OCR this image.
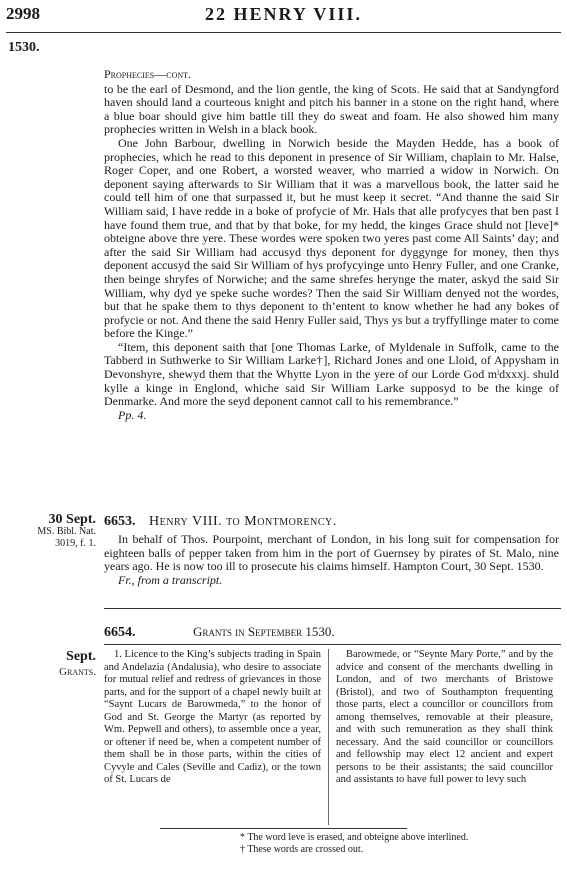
2998	22 HENRY VIII.
1530.
Prophecies—cont.

to be the earl of Desmond, and the lion gentle, the king of Scots. He said that at Sandyngford haven should land a courteous knight and pitch his banner in a stone on the right hand, where a blue boar should give him battle till they do sweat and foam. He also showed him many prophecies written in Welsh in a black book.

One John Barbour, dwelling in Norwich beside the Mayden Hedde, has a book of prophecies, which he read to this deponent in presence of Sir William, chaplain to Mr. Halse, Roger Coper, and one Robert, a worsted weaver, who married a widow in Norwich. On deponent saying afterwards to Sir William that it was a marvellous book, the latter said he could tell him of one that surpassed it, but he must keep it secret. “And thanne the said Sir William said, I have redde in a boke of profycie of Mr. Hals that alle profycyes that ben past I have found them true, and that by that boke, for my hedd, the kinges Grace shuld not [leve]* obteigne above thre yere. These wordes were spoken two yeres past come All Saints’ day; and after the said Sir William had accusyd thys deponent for dyggynge for money, then thys deponent accusyd the said Sir William of hys profycyinge unto Henry Fuller, and one Cranke, then beinge shryfes of Norwiche; and the same shrefes herynge the mater, askyd the said Sir William, why dyd ye speke suche wordes? Then the said Sir William denyed not the wordes, but that he spake them to thys deponent to th’entent to know whether he had any bokes of profycie or not. And thene the said Henry Fuller said, Thys ys but a tryffyllinge mater to come before the Kinge.”

“Item, this deponent saith that [one Thomas Larke, of Myldenale in Suffolk, came to the Tabberd in Suthwerke to Sir William Larke†], Richard Jones and one Lloid, of Appysham in Devonshyre, shewyd them that the Whytte Lyon in the yere of our Lorde God mˡdxxxj. shuld kylle a kinge in Englond, whiche said Sir William Larke supposyd to be the kinge of Denmarke. And more the seyd deponent cannot call to his remembrance.”

Pp. 4.

30 Sept.
MS. Bibl. Nat.
3019, f. 1.
6653. Henry VIII. to Montmorency.

In behalf of Thos. Pourpoint, merchant of London, in his long suit for compensation for eighteen balls of pepper taken from him in the port of Guernsey by pirates of St. Malo, nine years ago. He is now too ill to prosecute his claims himself. Hampton Court, 30 Sept. 1530.

Fr., from a transcript.

6654.	Grants in September 1530.
Sept.
Grants.

1. Licence to the King’s subjects trading in Spain and Andelazia (Andalusia), who desire to associate for mutual relief and redress of grievances in those parts, and for the support of a chapel newly built at “Saynt Lucars de Barowmeda,” to the honor of God and St. George the Martyr (as reported by Wm. Pepwell and others), to assemble once a year, or oftener if need be, when a competent number of them shall be in those parts, within the cities of Cyvyle and Cales (Seville and Cadiz), or the town of St. Lucars de

Barowmede, or “Seynte Mary Porte,” and by the advice and consent of the merchants dwelling in London, and of two merchants of Bristowe (Bristol), and two of Southampton frequenting those parts, elect a councillor or councillors from among themselves, removable at their pleasure, and with such remuneration as they shall think necessary. And the said councillor or councillors and fellowship may elect 12 ancient and expert persons to be their assistants; the said councillor and assistants to have full power to levy such

* The word leve is erased, and obteigne above interlined.

† These words are crossed out.
